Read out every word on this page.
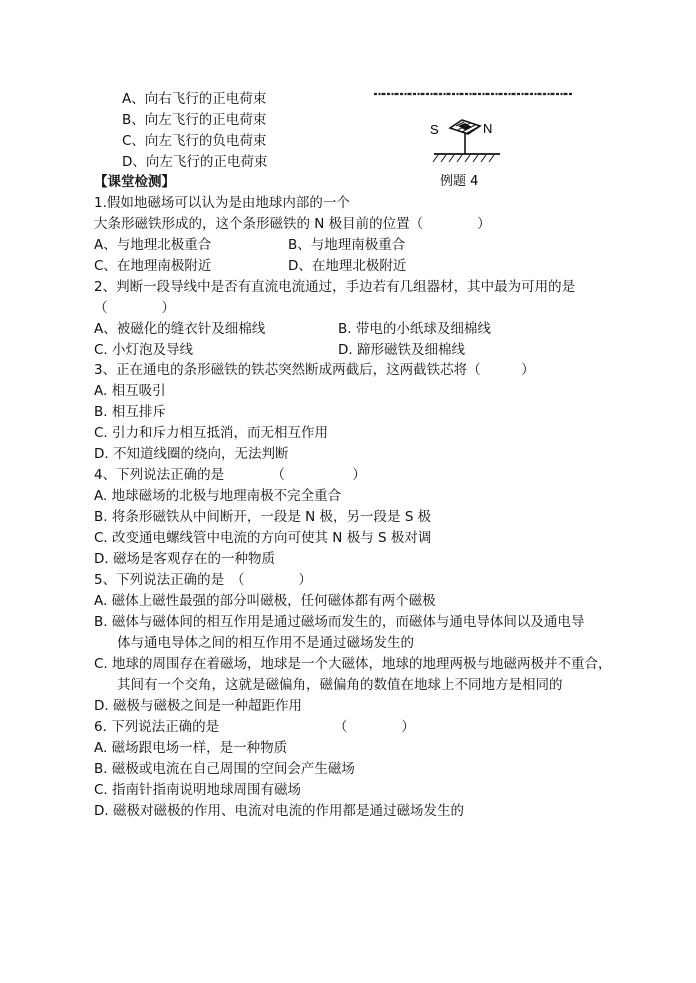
A、向右飞行的正电荷束
B、向左飞行的正电荷束
C、向左飞行的负电荷束
D、向左飞行的正电荷束
S	N
例题 4
【课堂检测】
1.假如地磁场可以认为是由地球内部的一个
大条形磁铁形成的，这个条形磁铁的 N 极目前的位置（　　　　）
A、与地理北极重合	B、与地理南极重合
C、在地理南极附近	D、在地理北极附近
2、判断一段导线中是否有直流电流通过，手边若有几组器材，其中最为可用的是
（　　　　）
A、被磁化的缝衣针及细棉线	B. 带电的小纸球及细棉线
C. 小灯泡及导线	D. 蹄形磁铁及细棉线
3、正在通电的条形磁铁的铁芯突然断成两截后，这两截铁芯将（　　　）
A. 相互吸引
B. 相互排斥
C. 引力和斥力相互抵消，而无相互作用
D. 不知道线圈的绕向，无法判断
4、下列说法正确的是　　　　（　　　　　）
A. 地球磁场的北极与地理南极不完全重合
B. 将条形磁铁从中间断开，一段是 N 极，另一段是 S 极
C. 改变通电螺线管中电流的方向可使其 N 极与 S 极对调
D. 磁场是客观存在的一种物质
5、下列说法正确的是　（　　　　）
A. 磁体上磁性最强的部分叫磁极，任何磁体都有两个磁极
B. 磁体与磁体间的相互作用是通过磁场而发生的，而磁体与通电导体间以及通电导
体与通电导体之间的相互作用不是通过磁场发生的
C. 地球的周围存在着磁场，地球是一个大磁体，地球的地理两极与地磁两极并不重合，
其间有一个交角，这就是磁偏角，磁偏角的数值在地球上不同地方是相同的
D. 磁极与磁极之间是一种超距作用
6. 下列说法正确的是　　　　　　　　　（　　　　）
A. 磁场跟电场一样，是一种物质
B. 磁极或电流在自己周围的空间会产生磁场
C. 指南针指南说明地球周围有磁场
D. 磁极对磁极的作用、电流对电流的作用都是通过磁场发生的
